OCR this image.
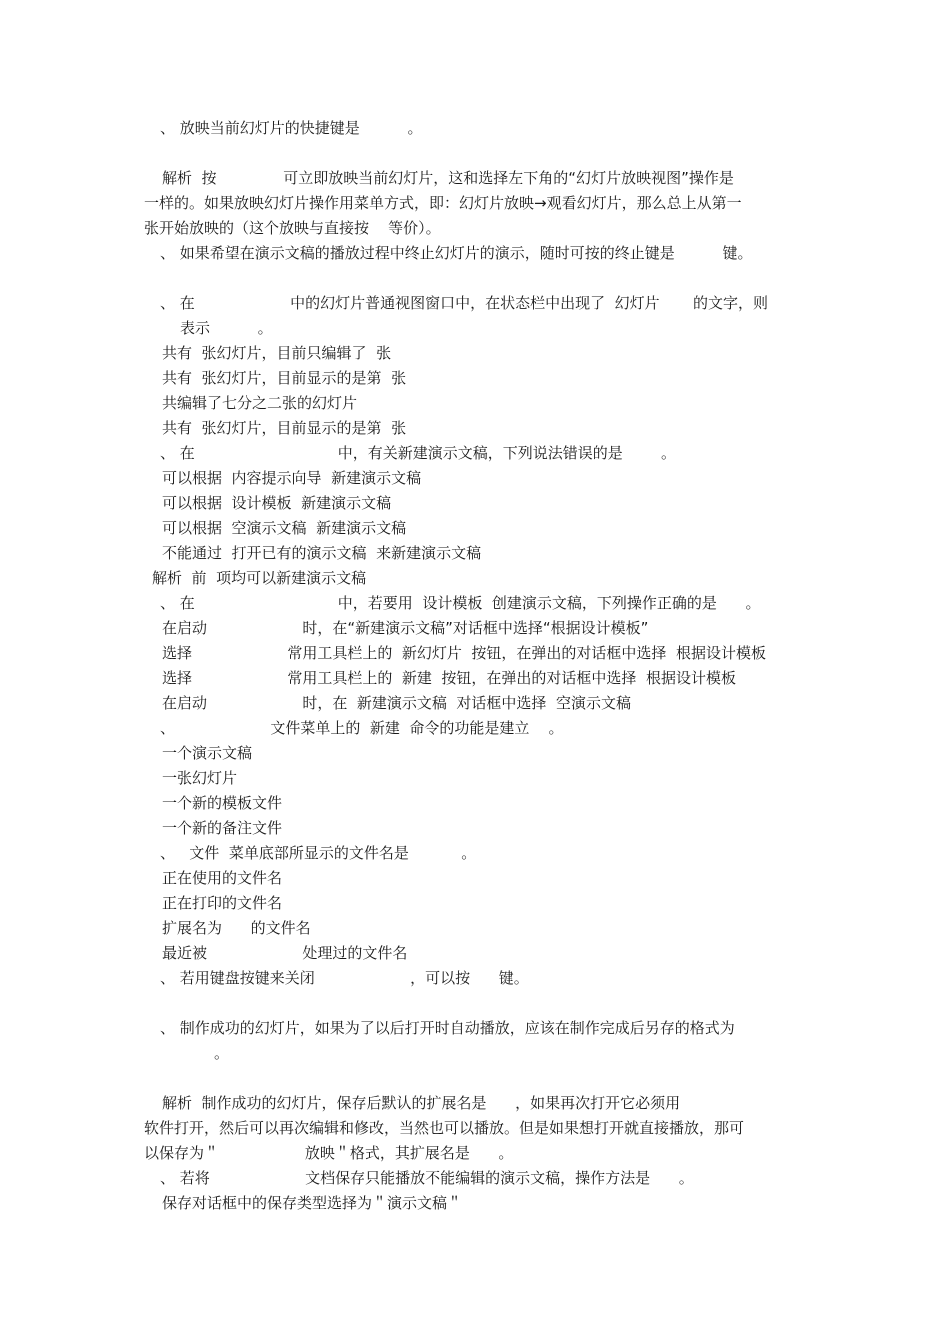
、 放映当前幻灯片的快捷键是          。
解析  按              可立即放映当前幻灯片，这和选择左下角的“幻灯片放映视图”操作是
一样的。如果放映幻灯片操作用菜单方式，即：幻灯片放映→观看幻灯片，那么总上从第一
张开始放映的（这个放映与直接按    等价）。
、 如果希望在演示文稿的播放过程中终止幻灯片的演示，随时可按的终止键是          键。
、 在                    中的幻灯片普通视图窗口中，在状态栏中出现了  幻灯片       的文字，则
表示          。
共有  张幻灯片，目前只编辑了  张
共有  张幻灯片，目前显示的是第  张
共编辑了七分之二张的幻灯片
共有  张幻灯片，目前显示的是第  张
、 在                              中，有关新建演示文稿，下列说法错误的是        。
可以根据  内容提示向导  新建演示文稿
可以根据  设计模板  新建演示文稿
可以根据  空演示文稿  新建演示文稿
不能通过  打开已有的演示文稿  来新建演示文稿
解析  前  项均可以新建演示文稿
、 在                              中，若要用  设计模板  创建演示文稿，下列操作正确的是      。
在启动                    时，在“新建演示文稿”对话框中选择“根据设计模板”
选择                    常用工具栏上的  新幻灯片  按钮，在弹出的对话框中选择  根据设计模板
选择                    常用工具栏上的  新建  按钮，在弹出的对话框中选择  根据设计模板
在启动                    时，在  新建演示文稿  对话框中选择  空演示文稿
、                    文件菜单上的  新建  命令的功能是建立    。
一个演示文稿
一张幻灯片
一个新的模板文件
一个新的备注文件
、   文件  菜单底部所显示的文件名是           。
正在使用的文件名
正在打印的文件名
扩展名为      的文件名
最近被                    处理过的文件名
、 若用键盘按键来关闭                    ，可以按      键。
、 制作成功的幻灯片，如果为了以后打开时自动播放，应该在制作完成后另存的格式为
。
解析  制作成功的幻灯片，保存后默认的扩展名是      ，如果再次打开它必须用
软件打开，然后可以再次编辑和修改，当然也可以播放。但是如果想打开就直接播放，那可
以保存为＂                  放映＂格式，其扩展名是      。
、 若将                    文档保存只能播放不能编辑的演示文稿，操作方法是      。
保存对话框中的保存类型选择为＂演示文稿＂
